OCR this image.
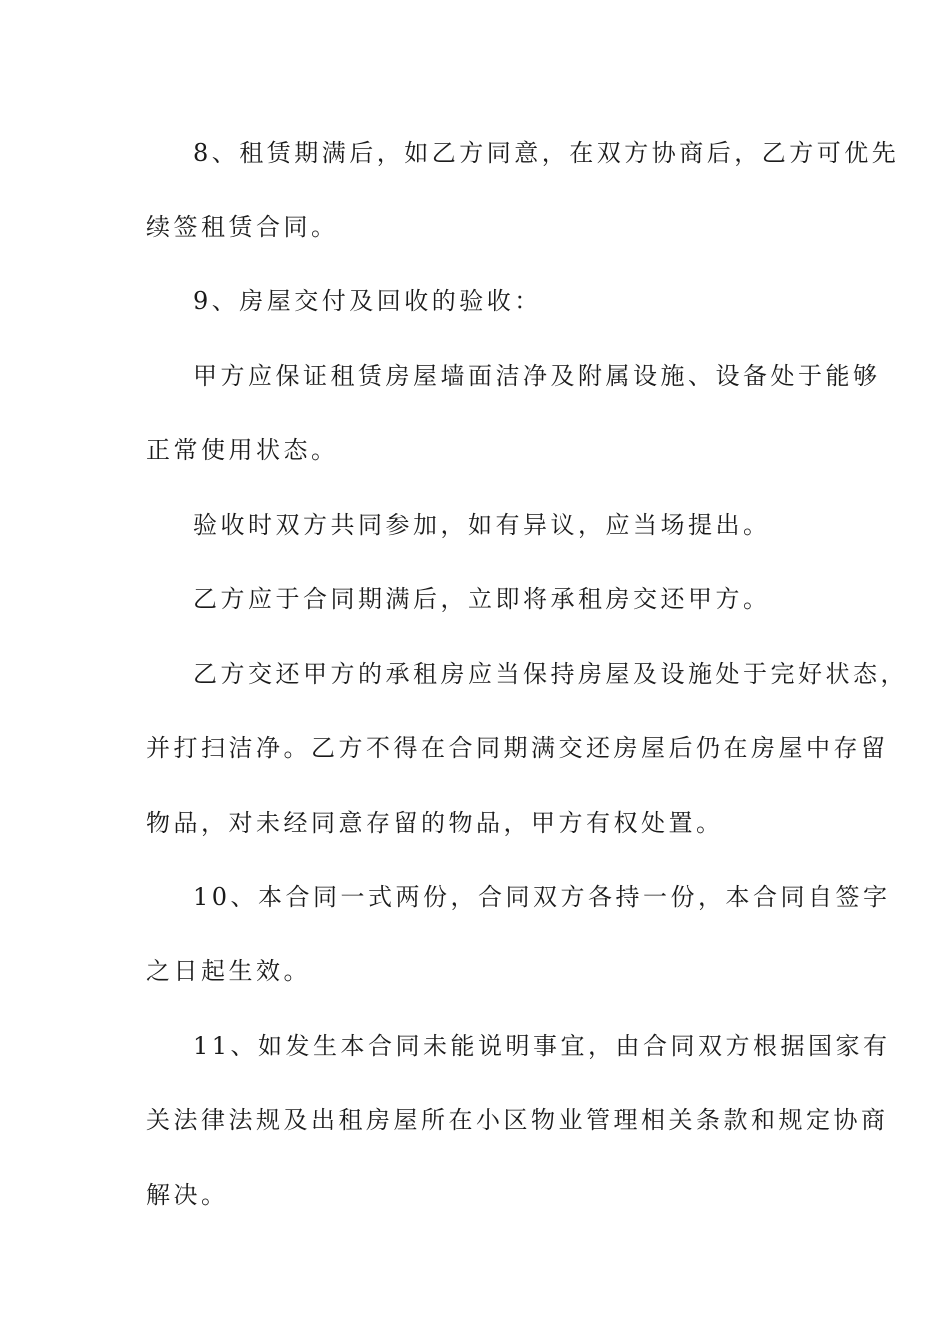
8、租赁期满后，如乙方同意，在双方协商后，乙方可优先
续签租赁合同。
9、房屋交付及回收的验收：
甲方应保证租赁房屋墙面洁净及附属设施、设备处于能够
正常使用状态。
验收时双方共同参加，如有异议，应当场提出。
乙方应于合同期满后，立即将承租房交还甲方。
乙方交还甲方的承租房应当保持房屋及设施处于完好状态，
并打扫洁净。乙方不得在合同期满交还房屋后仍在房屋中存留
物品，对未经同意存留的物品，甲方有权处置。
10、本合同一式两份，合同双方各持一份，本合同自签字
之日起生效。
11、如发生本合同未能说明事宜，由合同双方根据国家有
关法律法规及出租房屋所在小区物业管理相关条款和规定协商
解决。
